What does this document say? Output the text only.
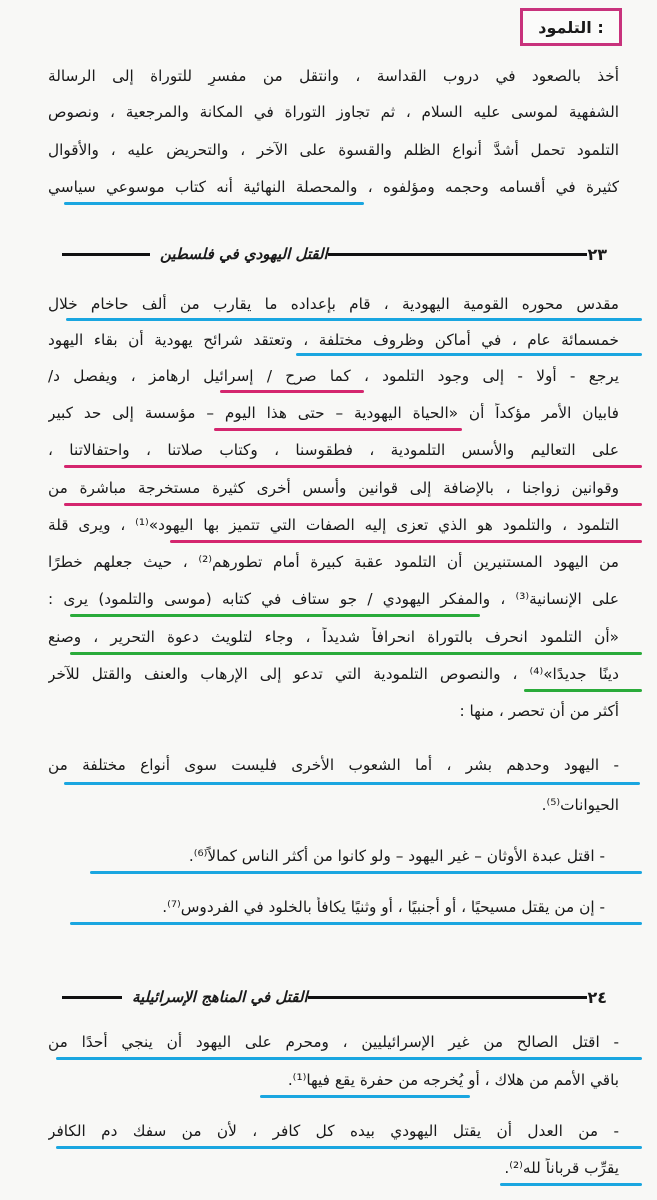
التلمود :
أخذ بالصعود في دروب القداسة ، وانتقل من مفسرٍ للتوراة إلى الرسالة
الشفهية لموسى عليه السلام ، ثم تجاوز التوراة في المكانة والمرجعية ، ونصوص
التلمود تحمل أشدَّ أنواع الظلم والقسوة على الآخر ، والتحريض عليه ، والأقوال
كثيرة في أقسامه وحجمه ومؤلفوه ، والمحصلة النهائية أنه كتاب موسوعي سياسي
٢٣
القتل اليهودي في فلسطين
مقدس محوره القومية اليهودية ، قام بإعداده ما يقارب من ألف حاخام خلال
خمسمائة عام ، في أماكن وظروف مختلفة ، وتعتقد شرائح يهودية أن بقاء اليهود
يرجع - أولا - إلى وجود التلمود ، كما صرح / إسرائيل ارهامز ، ويفصل د/
فابيان الأمر مؤكداً أن «الحياة اليهودية – حتى هذا اليوم – مؤسسة إلى حد كبير
على التعاليم والأسس التلمودية ، فطقوسنا ، وكتاب صلاتنا ، واحتفالاتنا ،
وقوانين زواجنا ، بالإضافة إلى قوانين وأسس أخرى كثيرة مستخرجة مباشرة من
التلمود ، والتلمود هو الذي تعزى إليه الصفات التي تتميز بها اليهود»⁽¹⁾ ، ويرى قلة
من اليهود المستنيرين أن التلمود عقبة كبيرة أمام تطورهم⁽²⁾ ، حيث جعلهم خطرًا
على الإنسانية⁽³⁾ ، والمفكر اليهودي / جو ستاف في كتابه (موسى والتلمود) يرى :
«أن التلمود انحرف بالتوراة انحرافاً شديداً ، وجاء لتلويث دعوة التحرير ، وصنع
دينًا جديدًا»⁽⁴⁾ ، والنصوص التلمودية التي تدعو إلى الإرهاب والعنف والقتل للآخر
أكثر من أن تحصر ، منها :
- اليهود وحدهم بشر ، أما الشعوب الأخرى فليست سوى أنواع مختلفة من
الحيوانات⁽⁵⁾.
- اقتل عبدة الأوثان – غير اليهود – ولو كانوا من أكثر الناس كمالاً⁽⁶⁾.
- إن من يقتل مسيحيًا ، أو أجنبيًا ، أو وثنيًا يكافأ بالخلود في الفردوس⁽⁷⁾.
٢٤
القتل في المناهج الإسرائيلية
- اقتل الصالح من غير الإسرائيليين ، ومحرم على اليهود أن ينجي أحدًا من
باقي الأمم من هلاك ، أو يُخرجه من حفرة يقع فيها⁽¹⁾.
- من العدل أن يقتل اليهودي بيده كل كافر ، لأن من سفك دم الكافر
يقرِّب قرباناً لله⁽²⁾.
